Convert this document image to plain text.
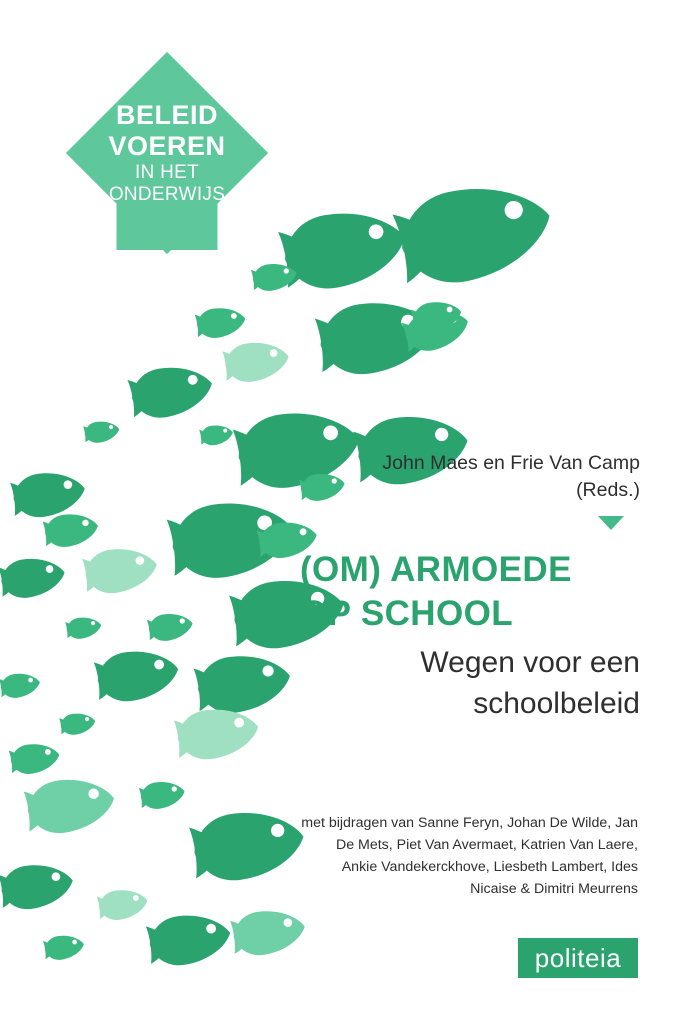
BELEID
VOEREN
IN HET
ONDERWIJS
John Maes en Frie Van Camp (Reds.)
(OM) ARMOEDE
OP SCHOOL
Wegen voor een
schoolbeleid
met bijdragen van Sanne Feryn, Johan De Wilde, Jan De Mets, Piet Van Avermaet, Katrien Van Laere, Ankie Vandekerckhove, Liesbeth Lambert, Ides Nicaise & Dimitri Meurrens
politeia
